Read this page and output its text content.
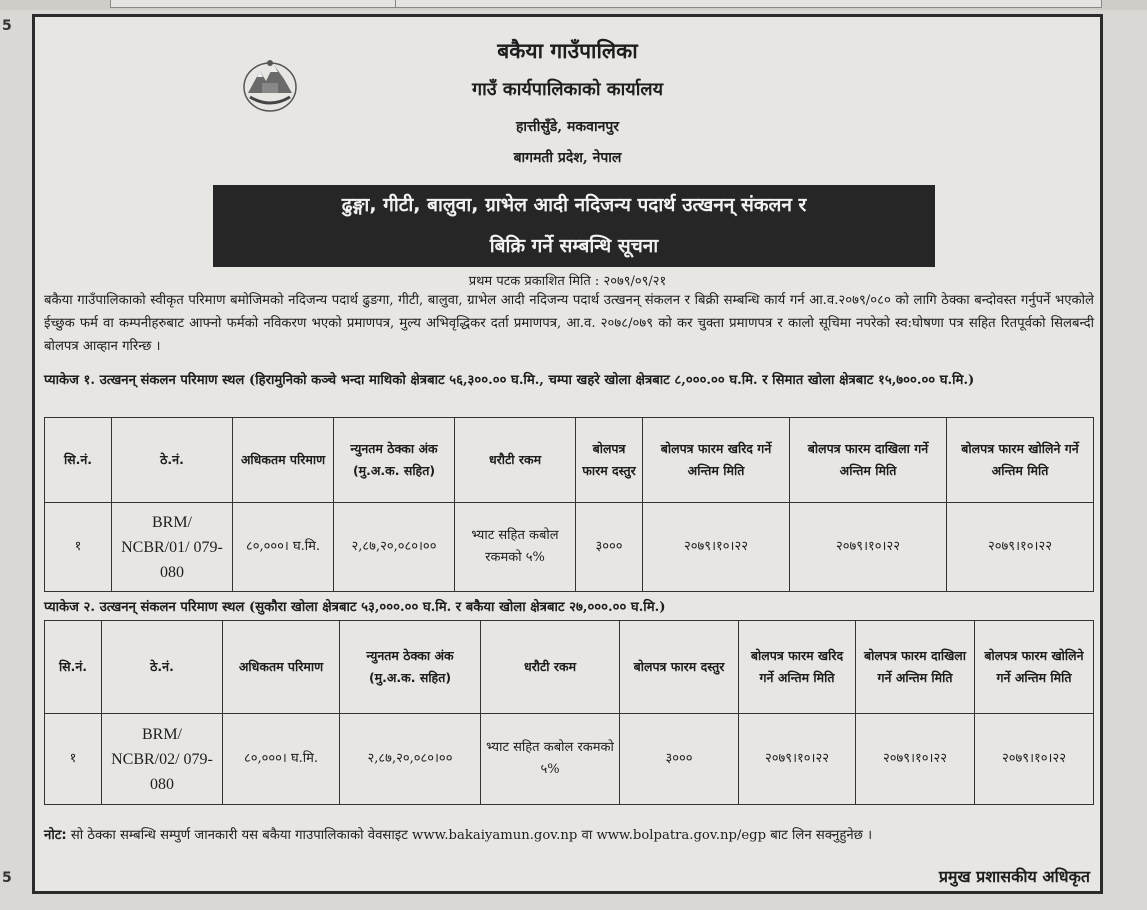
5
5
बकैया गाउँपालिका
गाउँ कार्यपालिकाको कार्यालय
हात्तीसुँडे, मकवानपुर
बागमती प्रदेश, नेपाल
ढुङ्गा, गीटी, बालुवा, ग्राभेल आदी नदिजन्य पदार्थ उत्खनन् संकलन र
बिक्रि गर्ने सम्बन्धि सूचना
प्रथम पटक प्रकाशित मिति : २०७९/०९/२१
बकैया गाउँपालिकाको स्वीकृत परिमाण बमोजिमको नदिजन्य पदार्थ ढुङगा, गीटी, बालुवा, ग्राभेल आदी नदिजन्य पदार्थ उत्खनन् संकलन र बिक्री सम्बन्धि कार्य गर्न आ.व.२०७९/०८० को लागि ठेक्का बन्दोवस्त गर्नुपर्ने भएकोले ईच्छुक फर्म वा कम्पनीहरुबाट आफ्नो फर्मको नविकरण भएको प्रमाणपत्र, मुल्य अभिवृद्धिकर दर्ता प्रमाणपत्र, आ.व. २०७८/०७९ को कर चुक्ता प्रमाणपत्र र कालो सूचिमा नपरेको स्व:घोषणा पत्र सहित रितपूर्वको सिलबन्दी बोलपत्र आव्हान गरिन्छ ।
प्याकेज १. उत्खनन् संकलन परिमाण स्थल (हिरामुनिको कञ्चे भन्दा माथिको क्षेत्रबाट ५६,३००.०० घ.मि., चम्पा खहरे खोला क्षेत्रबाट ८,०००.०० घ.मि. र सिमात खोला क्षेत्रबाट १५,७००.०० घ.मि.)
सि.नं.	ठे.नं.	अधिकतम परिमाण	न्युनतम ठेक्का अंक (मु.अ.क. सहित)	धरौटी रकम	बोलपत्र फारम दस्तुर	बोलपत्र फारम खरिद गर्ने अन्तिम मिति	बोलपत्र फारम दाखिला गर्ने अन्तिम मिति	बोलपत्र फारम खोलिने गर्ने अन्तिम मिति
१	BRM/ NCBR/01/ 079-080	८०,०००। घ.मि.	२,८७,२०,०८०।००	भ्याट सहित कबोल रकमको ५%	३०००	२०७९।१०।२२	२०७९।१०।२२	२०७९।१०।२२
प्याकेज २. उत्खनन् संकलन परिमाण स्थल (सुकौरा खोला क्षेत्रबाट ५३,०००.०० घ.मि. र बकैया खोला क्षेत्रबाट २७,०००.०० घ.मि.)
सि.नं.	ठे.नं.	अधिकतम परिमाण	न्युनतम ठेक्का अंक (मु.अ.क. सहित)	धरौटी रकम	बोलपत्र फारम दस्तुर	बोलपत्र फारम खरिद गर्ने अन्तिम मिति	बोलपत्र फारम दाखिला गर्ने अन्तिम मिति	बोलपत्र फारम खोलिने गर्ने अन्तिम मिति
१	BRM/ NCBR/02/ 079-080	८०,०००। घ.मि.	२,८७,२०,०८०।००	भ्याट सहित कबोल रकमको ५%	३०००	२०७९।१०।२२	२०७९।१०।२२	२०७९।१०।२२
नोट: सो ठेक्का सम्बन्धि सम्पुर्ण जानकारी यस बकैया गाउपालिकाको वेवसाइट www.bakaiyamun.gov.np वा www.bolpatra.gov.np/egp बाट लिन सक्नुहुनेछ ।
प्रमुख प्रशासकीय अधिकृत
